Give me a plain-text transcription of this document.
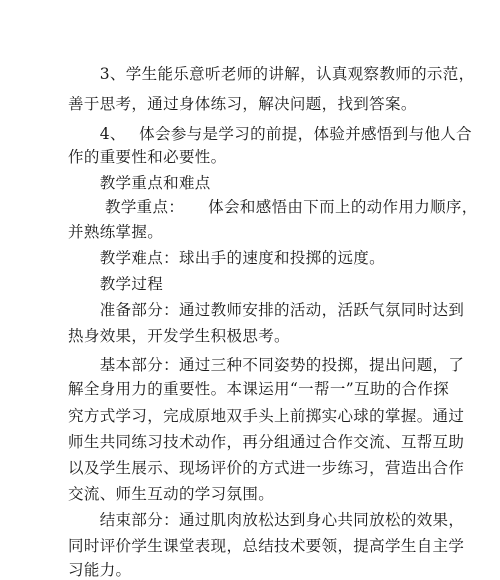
　　3、学生能乐意听老师的讲解，认真观察教师的示范，
善于思考，通过身体练习，解决问题，找到答案。
　　4、　 体会参与是学习的前提，体验并感悟到与他人合
作的重要性和必要性。
　　教学重点和难点
　　 教学重点：　　体会和感悟由下而上的动作用力顺序，
并熟练掌握。
　　教学难点：球出手的速度和投掷的远度。
　　教学过程
　　准备部分：通过教师安排的活动，活跃气氛同时达到
热身效果，开发学生积极思考。
　　基本部分：通过三种不同姿势的投掷，提出问题，了
解全身用力的重要性。本课运用“一帮一”互助的合作探
究方式学习，完成原地双手头上前掷实心球的掌握。通过
师生共同练习技术动作，再分组通过合作交流、互帮互助
以及学生展示、现场评价的方式进一步练习，营造出合作
交流、师生互动的学习氛围。
　　结束部分：通过肌肉放松达到身心共同放松的效果，
同时评价学生课堂表现，总结技术要领，提高学生自主学
习能力。
